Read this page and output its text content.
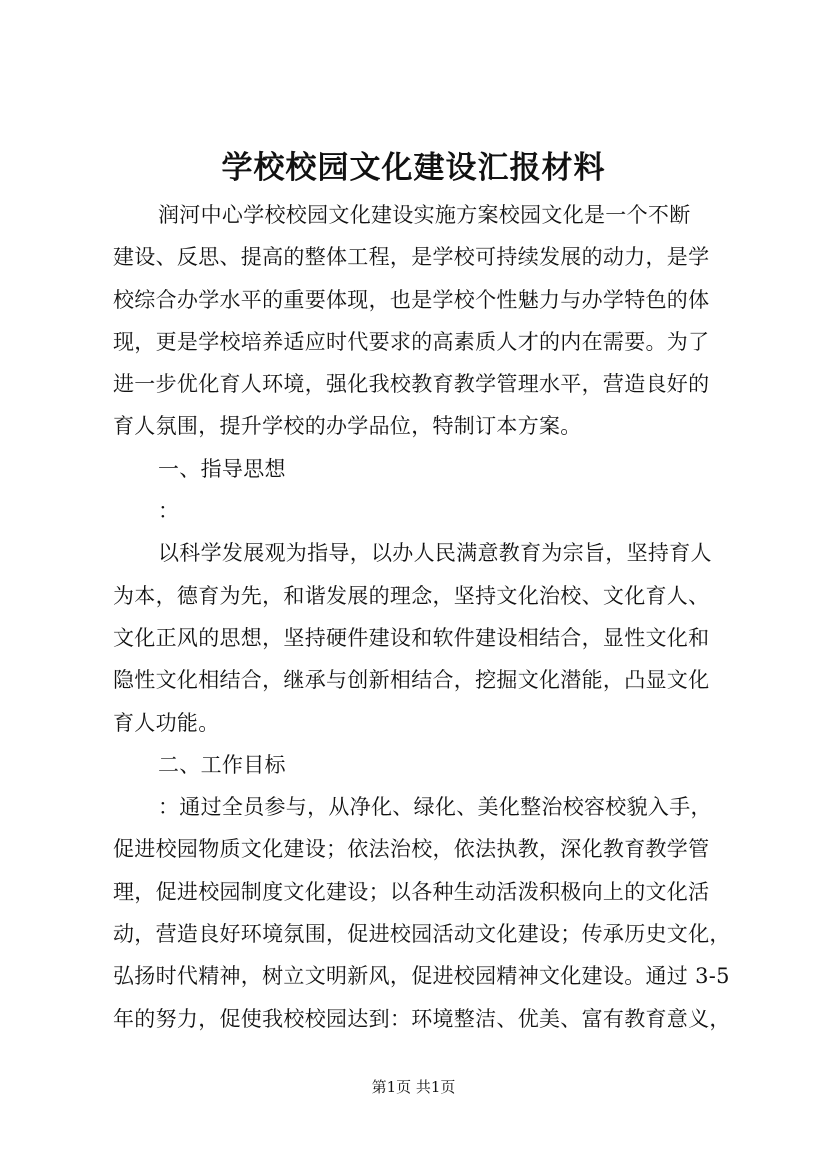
学校校园文化建设汇报材料
润河中心学校校园文化建设实施方案校园文化是一个不断
建设、反思、提高的整体工程，是学校可持续发展的动力，是学
校综合办学水平的重要体现，也是学校个性魅力与办学特色的体
现，更是学校培养适应时代要求的高素质人才的内在需要。为了
进一步优化育人环境，强化我校教育教学管理水平，营造良好的
育人氛围，提升学校的办学品位，特制订本方案。
一、指导思想
：
以科学发展观为指导，以办人民满意教育为宗旨，坚持育人
为本，德育为先，和谐发展的理念，坚持文化治校、文化育人、
文化正风的思想，坚持硬件建设和软件建设相结合，显性文化和
隐性文化相结合，继承与创新相结合，挖掘文化潜能，凸显文化
育人功能。
二、工作目标
：通过全员参与，从净化、绿化、美化整治校容校貌入手，
促进校园物质文化建设；依法治校，依法执教，深化教育教学管
理，促进校园制度文化建设；以各种生动活泼积极向上的文化活
动，营造良好环境氛围，促进校园活动文化建设；传承历史文化，
弘扬时代精神，树立文明新风，促进校园精神文化建设。通过 3-5
年的努力，促使我校校园达到：环境整洁、优美、富有教育意义，
第1页 共1页
